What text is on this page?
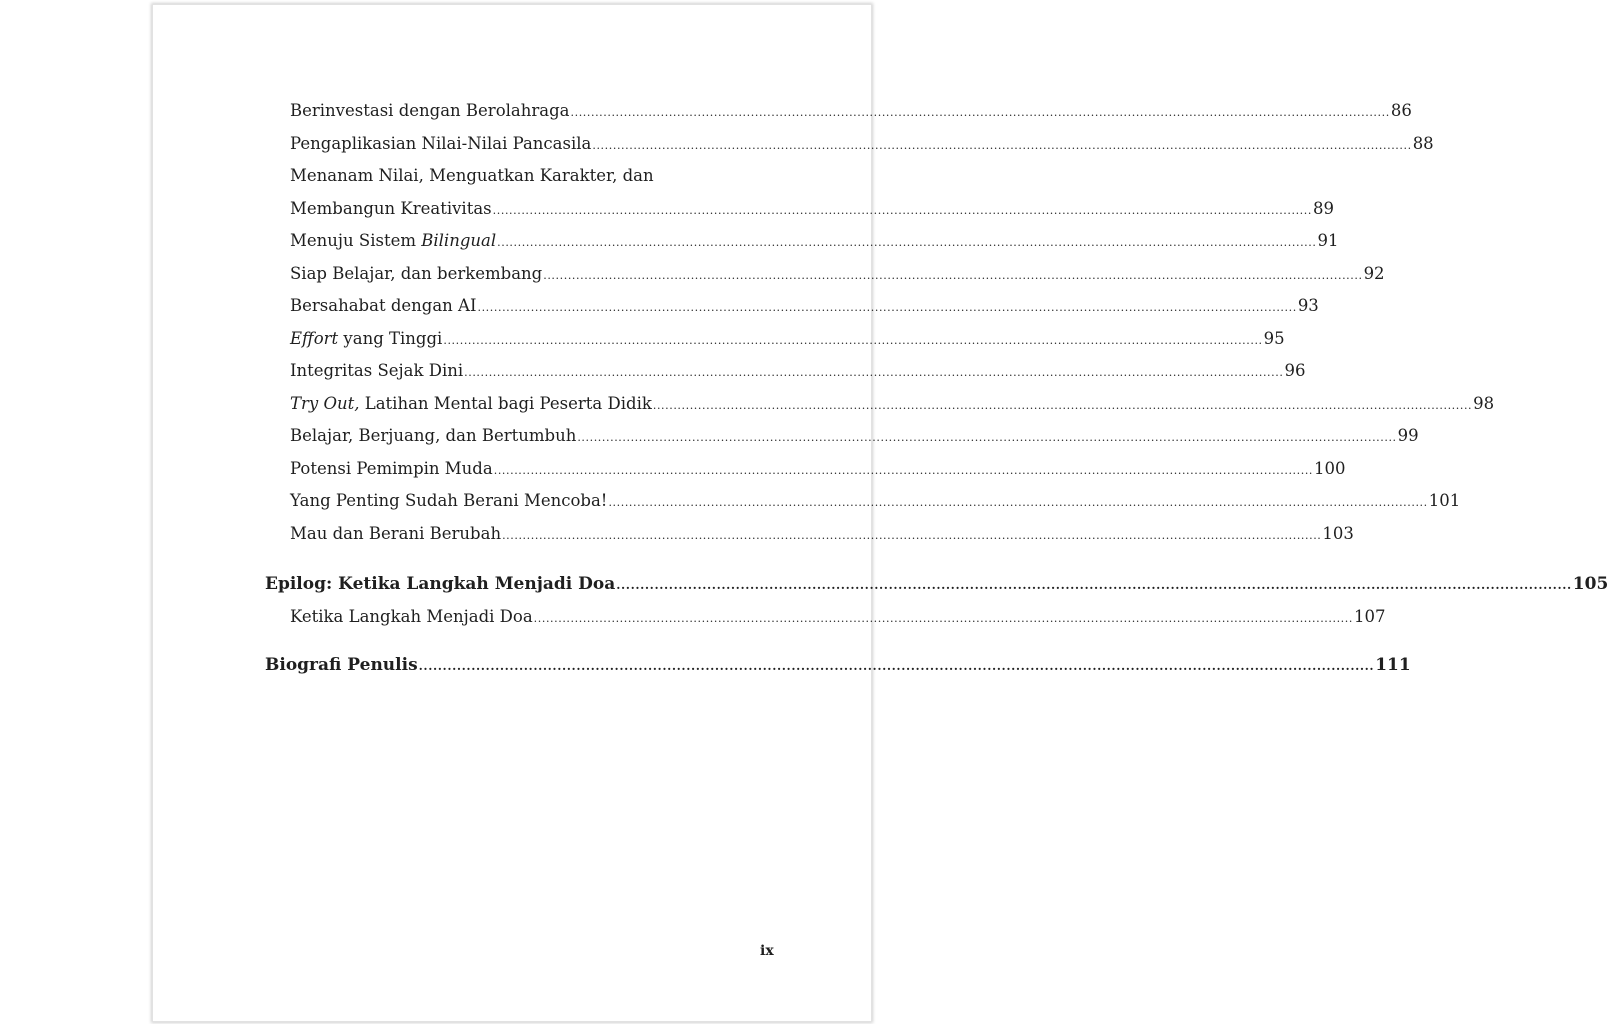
Berinvestasi dengan Berolahraga ........................................................................................................................................................................................................ 86
Pengaplikasian Nilai-Nilai Pancasila ........................................................................................................................................................................................................ 88
Menanam Nilai, Menguatkan Karakter, dan
Membangun Kreativitas ........................................................................................................................................................................................................ 89
Menuju Sistem Bilingual ........................................................................................................................................................................................................ 91
Siap Belajar, dan berkembang ........................................................................................................................................................................................................ 92
Bersahabat dengan AI ........................................................................................................................................................................................................ 93
Effort yang Tinggi ........................................................................................................................................................................................................ 95
Integritas Sejak Dini ........................................................................................................................................................................................................ 96
Try Out, Latihan Mental bagi Peserta Didik ........................................................................................................................................................................................................ 98
Belajar, Berjuang, dan Bertumbuh ........................................................................................................................................................................................................ 99
Potensi Pemimpin Muda ........................................................................................................................................................................................................ 100
Yang Penting Sudah Berani Mencoba! ........................................................................................................................................................................................................ 101
Mau dan Berani Berubah ........................................................................................................................................................................................................ 103
Epilog: Ketika Langkah Menjadi Doa ........................................................................................................................................................................................................ 105
Ketika Langkah Menjadi Doa ........................................................................................................................................................................................................ 107
Biografi Penulis ........................................................................................................................................................................................................ 111
ix
